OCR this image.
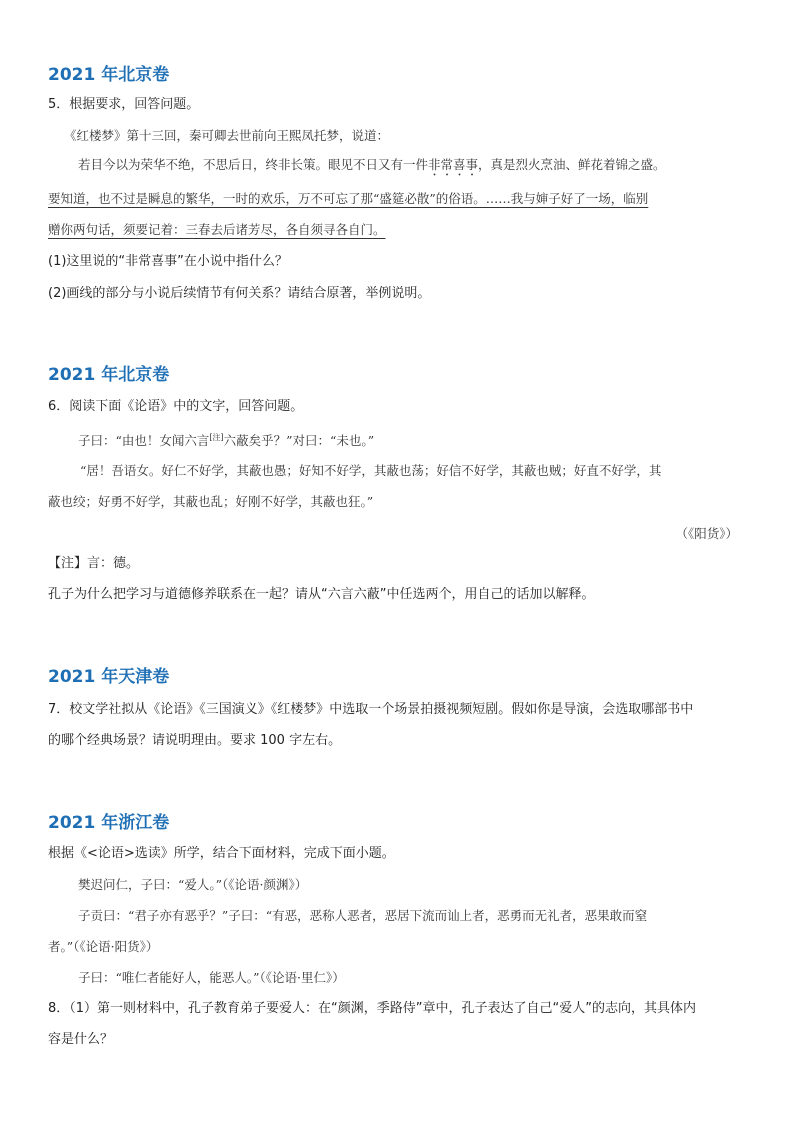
2021 年北京卷
5．根据要求，回答问题。
《红楼梦》第十三回，秦可卿去世前向王熙凤托梦，说道：
若目今以为荣华不绝，不思后日，终非长策。眼见不日又有一件非常喜事，真是烈火烹油、鲜花着锦之盛。
要知道，也不过是瞬息的繁华，一时的欢乐，万不可忘了那“盛筵必散”的俗语。……我与婶子好了一场，临别
赠你两句话，须要记着：三春去后诸芳尽，各自须寻各自门。
(1)这里说的“非常喜事”在小说中指什么？
(2)画线的部分与小说后续情节有何关系？请结合原著，举例说明。
2021 年北京卷
6．阅读下面《论语》中的文字，回答问题。
子曰：“由也！女闻六言[注]六蔽矣乎？”对曰：“未也。”
“居！吾语女。好仁不好学，其蔽也愚；好知不好学，其蔽也荡；好信不好学，其蔽也贼；好直不好学，其
蔽也绞；好勇不好学，其蔽也乱；好刚不好学，其蔽也狂。”
（《阳货》）
【注】言：德。
孔子为什么把学习与道德修养联系在一起？请从“六言六蔽”中任选两个，用自己的话加以解释。
2021 年天津卷
7．校文学社拟从《论语》《三国演义》《红楼梦》中选取一个场景拍摄视频短剧。假如你是导演，会选取哪部书中
的哪个经典场景？请说明理由。要求 100 字左右。
2021 年浙江卷
根据《<论语>选读》所学，结合下面材料，完成下面小题。
樊迟问仁，子曰：“爱人。”（《论语·颜渊》）
子贡曰：“君子亦有恶乎？”子曰：“有恶，恶称人恶者，恶居下流而讪上者，恶勇而无礼者，恶果敢而窒
者。”（《论语·阳货》）
子曰：“唯仁者能好人，能恶人。”（《论语·里仁》）
8．（1）第一则材料中，孔子教育弟子要爱人：在“颜渊，季路侍”章中，孔子表达了自己“爱人”的志向，其具体内
容是什么？
